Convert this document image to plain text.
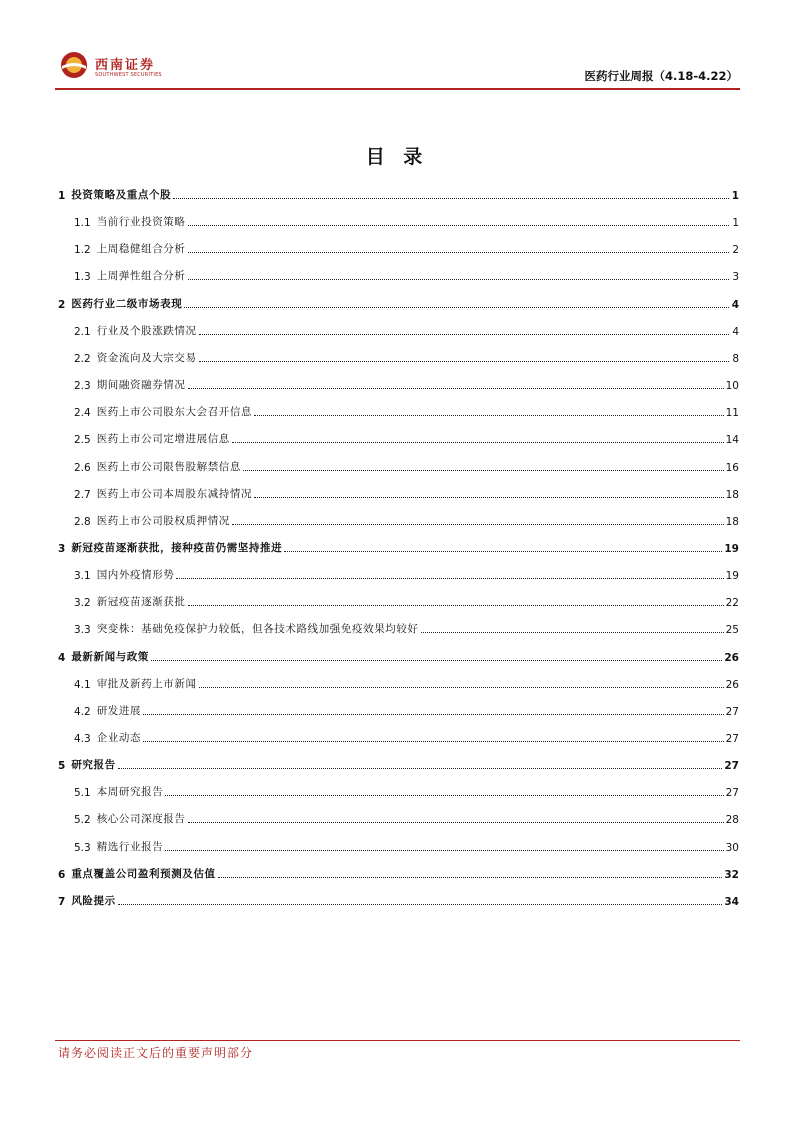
西南证券
SOUTHWEST SECURITIES	医药行业周报（4.18-4.22）
目 录
1 投资策略及重点个股	1
1.1 当前行业投资策略	1
1.2 上周稳健组合分析	2
1.3 上周弹性组合分析	3
2 医药行业二级市场表现	4
2.1 行业及个股涨跌情况	4
2.2 资金流向及大宗交易	8
2.3 期间融资融券情况	10
2.4 医药上市公司股东大会召开信息	11
2.5 医药上市公司定增进展信息	14
2.6 医药上市公司限售股解禁信息	16
2.7 医药上市公司本周股东减持情况	18
2.8 医药上市公司股权质押情况	18
3 新冠疫苗逐渐获批，接种疫苗仍需坚持推进	19
3.1 国内外疫情形势	19
3.2 新冠疫苗逐渐获批	22
3.3 突变株：基础免疫保护力较低，但各技术路线加强免疫效果均较好	25
4 最新新闻与政策	26
4.1 审批及新药上市新闻	26
4.2 研发进展	27
4.3 企业动态	27
5 研究报告	27
5.1 本周研究报告	27
5.2 核心公司深度报告	28
5.3 精选行业报告	30
6 重点覆盖公司盈利预测及估值	32
7 风险提示	34
请务必阅读正文后的重要声明部分
